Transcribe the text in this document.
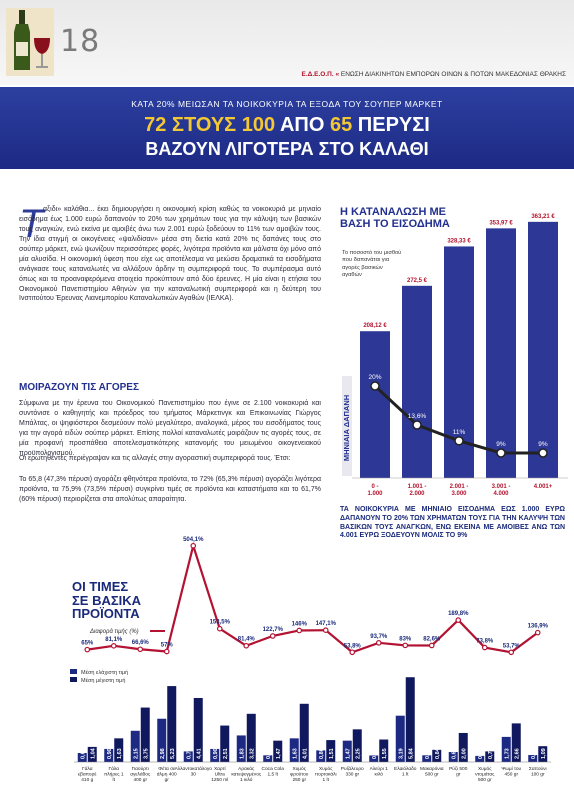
18
Ε.Δ.Ε.Ο.Π. « ΕΝΩΣΗ ΔΙΑΚΙΝΗΤΩΝ ΕΜΠΟΡΩΝ ΟΙΝΩΝ & ΠΟΤΩΝ ΜΑΚΕΔΟΝΙΑΣ ΘΡΑΚΗΣ
ΚΑΤΑ 20% ΜΕΙΩΣΑΝ ΤΑ ΝΟΙΚΟΚΥΡΙΑ ΤΑ ΕΞΟΔΑ ΤΟΥ ΣΟΥΠΕΡ ΜΑΡΚΕΤ
72 ΣΤΟΥΣ 100 ΑΠΟ 65 ΠΕΡΥΣΙ
ΒΑΖΟΥΝ ΛΙΓΟΤΕΡΑ ΣΤΟ ΚΑΛΑΘΙ
Τ αξιδι» καλάθια... έκει δημιουργήσει η οικονομική κρίση καθώς τα νοικοκυριά με μηνιαίο εισόδημα έως 1.000 ευρώ δαπανούν το 20% των χρημάτων τους για την κάλυψη των βασικών τους αναγκών, ενώ εκείνα με αμοιβές άνω των 2.001 ευρώ ξοδεύουν το 11% των αμοιβών τους. Την ίδια στιγμή οι οικογένειες «ψαλιδίσαν» μέσα στη διετία κατά 20% τις δαπάνες τους στο σούπερ μάρκετ, ενώ ψωνίζουν περισσότερες φορές, λιγότερα προϊόντα και μάλιστα όχι μόνο από μία αλυσίδα. Η οικονομική ύφεση που είχε ως αποτέλεσμα να μειώσει δραματικά τα εισοδήματα ανάγκασε τους καταναλωτές να αλλάξουν άρδην τη συμπεριφορά τους. Το συμπέρασμα αυτό όπως και τα προαναφερόμενα στοιχεία προκύπτουν από δύο έρευνες. Η μία είναι η ετήσια του Οικονομικού Πανεπιστημίου Αθηνών για την καταναλωτική συμπεριφορά και η δεύτερη του Ινστιτούτου Έρευνας Λιανεμπορίου Καταναλωτικών Αγαθών (ΙΕΛΚΑ).
ΜΟΙΡΑΖΟΥΝ ΤΙΣ ΑΓΟΡΕΣ
Σύμφωνα με την έρευνα του Οικονομικού Πανεπιστημίου που έγινε σε 2.100 νοικοκυριά και συντόνισε ο καθηγητής και πρόεδρος του τμήματος Μάρκετινγκ και Επικοινωνίας Γιώργος Μπάλτας, οι ψηφιόστεροι δεσμεύουν πολύ μεγαλύτερο, αναλογικά, μέρος του εισοδήματος τους για την αγορά ειδών σούπερ μάρκετ. Επίσης πολλοί καταναλωτές μοιράζουν τις αγορές τους, σε μία προφανή προσπάθεια αποτελεσματικότερης κατανομής του μειωμένου οικογενειακού προϋπολογισμού.
Οι ερωτηθέντες περιέγραψαν και τις αλλαγές στην αγοραστική συμπεριφορά τους. Έτσι:
Το 65,8 (47,3% πέρυσι) αγοράζει φθηνότερα προϊόντα, το 72% (65,3% πέρυσι) αγοράζει λιγότερα προϊόντα, τα 75,9% (73,5% πέρυσι) συγκρίνει τιμές σε προϊόντα και καταστήματα και το 61,7% (60% πέρυσι) περιορίζεται στα απολύτως απαραίτητα.
Η ΚΑΤΑΝΑΛΩΣΗ ΜΕ ΒΑΣΗ ΤΟ ΕΙΣΟΔΗΜΑ
Το ποσοστό του μισθού που δαπανάται για αγορές βασικών αγαθών
ΜΗΝΙΑΙΑ ΔΑΠΑΝΗ
208,12 €
0 -1.000
272,5 €
1.001 -2.000
328,33 €
2.001 -3.000
353,97 €
3.001 -4.000
363,21 €
4.001+
20%
13,6%
11%
9%	9%
ΤΑ ΝΟΙΚΟΚΥΡΙΑ ΜΕ ΜΗΝΙΑΙΟ ΕΙΣΟΔΗΜΑ ΕΩΣ 1.000 ΕΥΡΩ ΔΑΠΑΝΟΥΝ ΤΟ 20% ΤΩΝ ΧΡΗΜΑΤΩΝ ΤΟΥΣ ΓΙΑ ΤΗΝ ΚΑΛΥΨΗ ΤΩΝ ΒΑΣΙΚΩΝ ΤΟΥΣ ΑΝΑΓΚΩΝ, ΕΝΩ ΕΚΕΙΝΑ ΜΕ ΑΜΟΙΒΕΣ ΑΝΩ ΤΩΝ 4.001 ΕΥΡΩ ΞΟΔΕΥΟΥΝ ΜΟΛΙΣ ΤΟ 9%
ΟΙ ΤΙΜΕΣ
ΣΕ ΒΑΣΙΚΑ
ΠΡΟΪΟΝΤΑ
65%
81,1%
66,6% 57%
504,1%
153,5%
81,4%
122,7%
146% 147,1%
53,8%
93,7% 83% 82,6%
189,8%
73,8%
53,7%
136,9%
Διαφορά τιμής (%)
Μέση ελάχιστη τιμή
Μέση μέγιστη τιμή
0,62 1,04
Γάλα εβαπορέ 410 g
0,90 1,63
Γάλα πλήρες 1 lt
2,15 3,75
Γιαούρτι αγελάδος 400 gr
2,98 5,23
Φέτα σε άλμη 400 gr
0,73 4,41
Αλλαντοκατάλογο 30
0,90 2,51
Χαρτί Ultra 1250 ml
1,83 3,32
Αρακάς κατεψυγμένος 1 κιλό
0,46 1,47
Coca Cola 1,5 lt
1,63 4,01
Χυμός φρούτου 250 gr
0,80 1,51
Χυμός πορτοκάλι 1 lt
1,47 2,25
Ρυζάλευρο 330 gr
0,45 1,55
Αλεύρι 1 κιλό
3,19 5,84
Ελαιόλαδο 1 lt
0,46 0,84
Μακαρόνια 500 gr
0,69 2,00
Ρύζι 500 gr
0,42 0,73
Χυμός ντομάτας 500 gr
1,73 2,66
Ψωμί του 450 gr
0,48 1,09
Σαπούνι 100 gr
